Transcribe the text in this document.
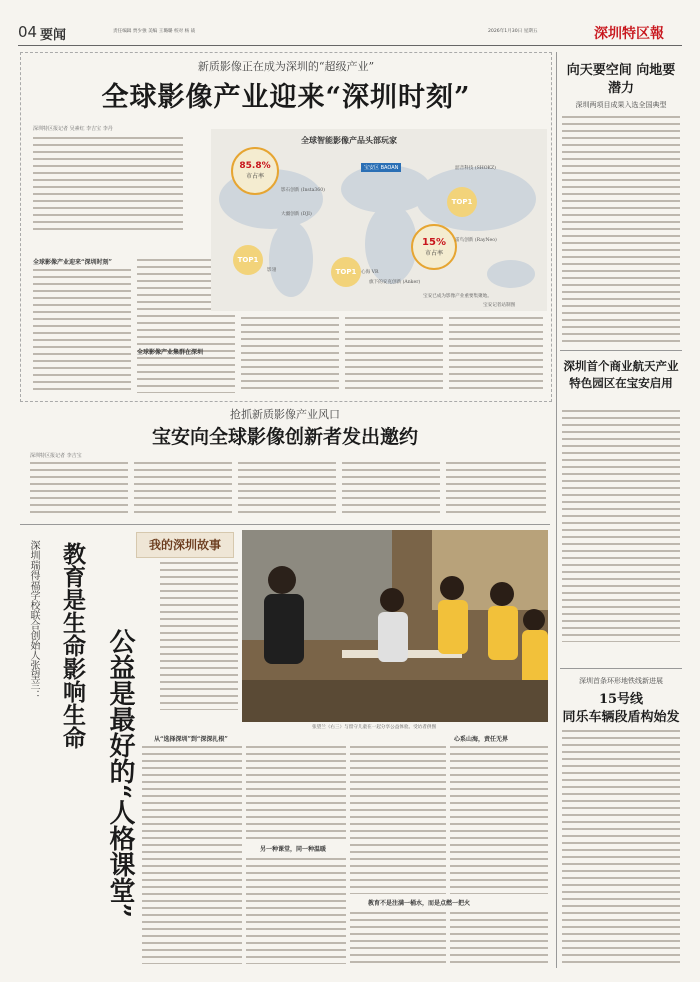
04 要闻	责任编辑 贾少強 美编 王璐璐 校对 杨 战	2026年1月30日 星期五	深圳特区報
新质影像正在成为深圳的“超级产业”
全球影像产业迎来“深圳时刻”
深圳特区报记者 吴素红 李吉宝 李丹
全球影像产业迎来“深圳时刻”
全球影像产业集群在深圳
全球智能影像产品头部玩家
85.8%
市占率
15%
市占率
TOP1
TOP1
TOP1
宝安区 BAOAN
影石创新 (Insta360)
大疆创新 (DJI)
韶音科技 (SHOKZ)
雷鸟创新 (RayNeo)
影翎
旗下的安克创新 (Anker)
心海 VR
宝安已成为影像产业重要集聚地。
宝安记者站制图
抢抓新质影像产业风口
宝安向全球影像创新者发出邀约
深圳特区报记者 李吉宝
深圳瑞得福学校联合创始人张望兰：
公益是最好的“人格课堂”
教育是生命影响生命	我的深圳故事
张望兰（右三）与留守儿童在一起分享公益体验。受访者供图
从“选择深圳”到“深深扎根”
另一种课堂，同一种温暖
心系山海，责任无界
教育不是注满一桶水，而是点燃一把火
向天要空间 向地要潜力
深圳两项目成果入选全国典型
深圳首个商业航天产业特色园区在宝安启用
深圳首条环形地铁线新进展
15号线
同乐车辆段盾构始发
